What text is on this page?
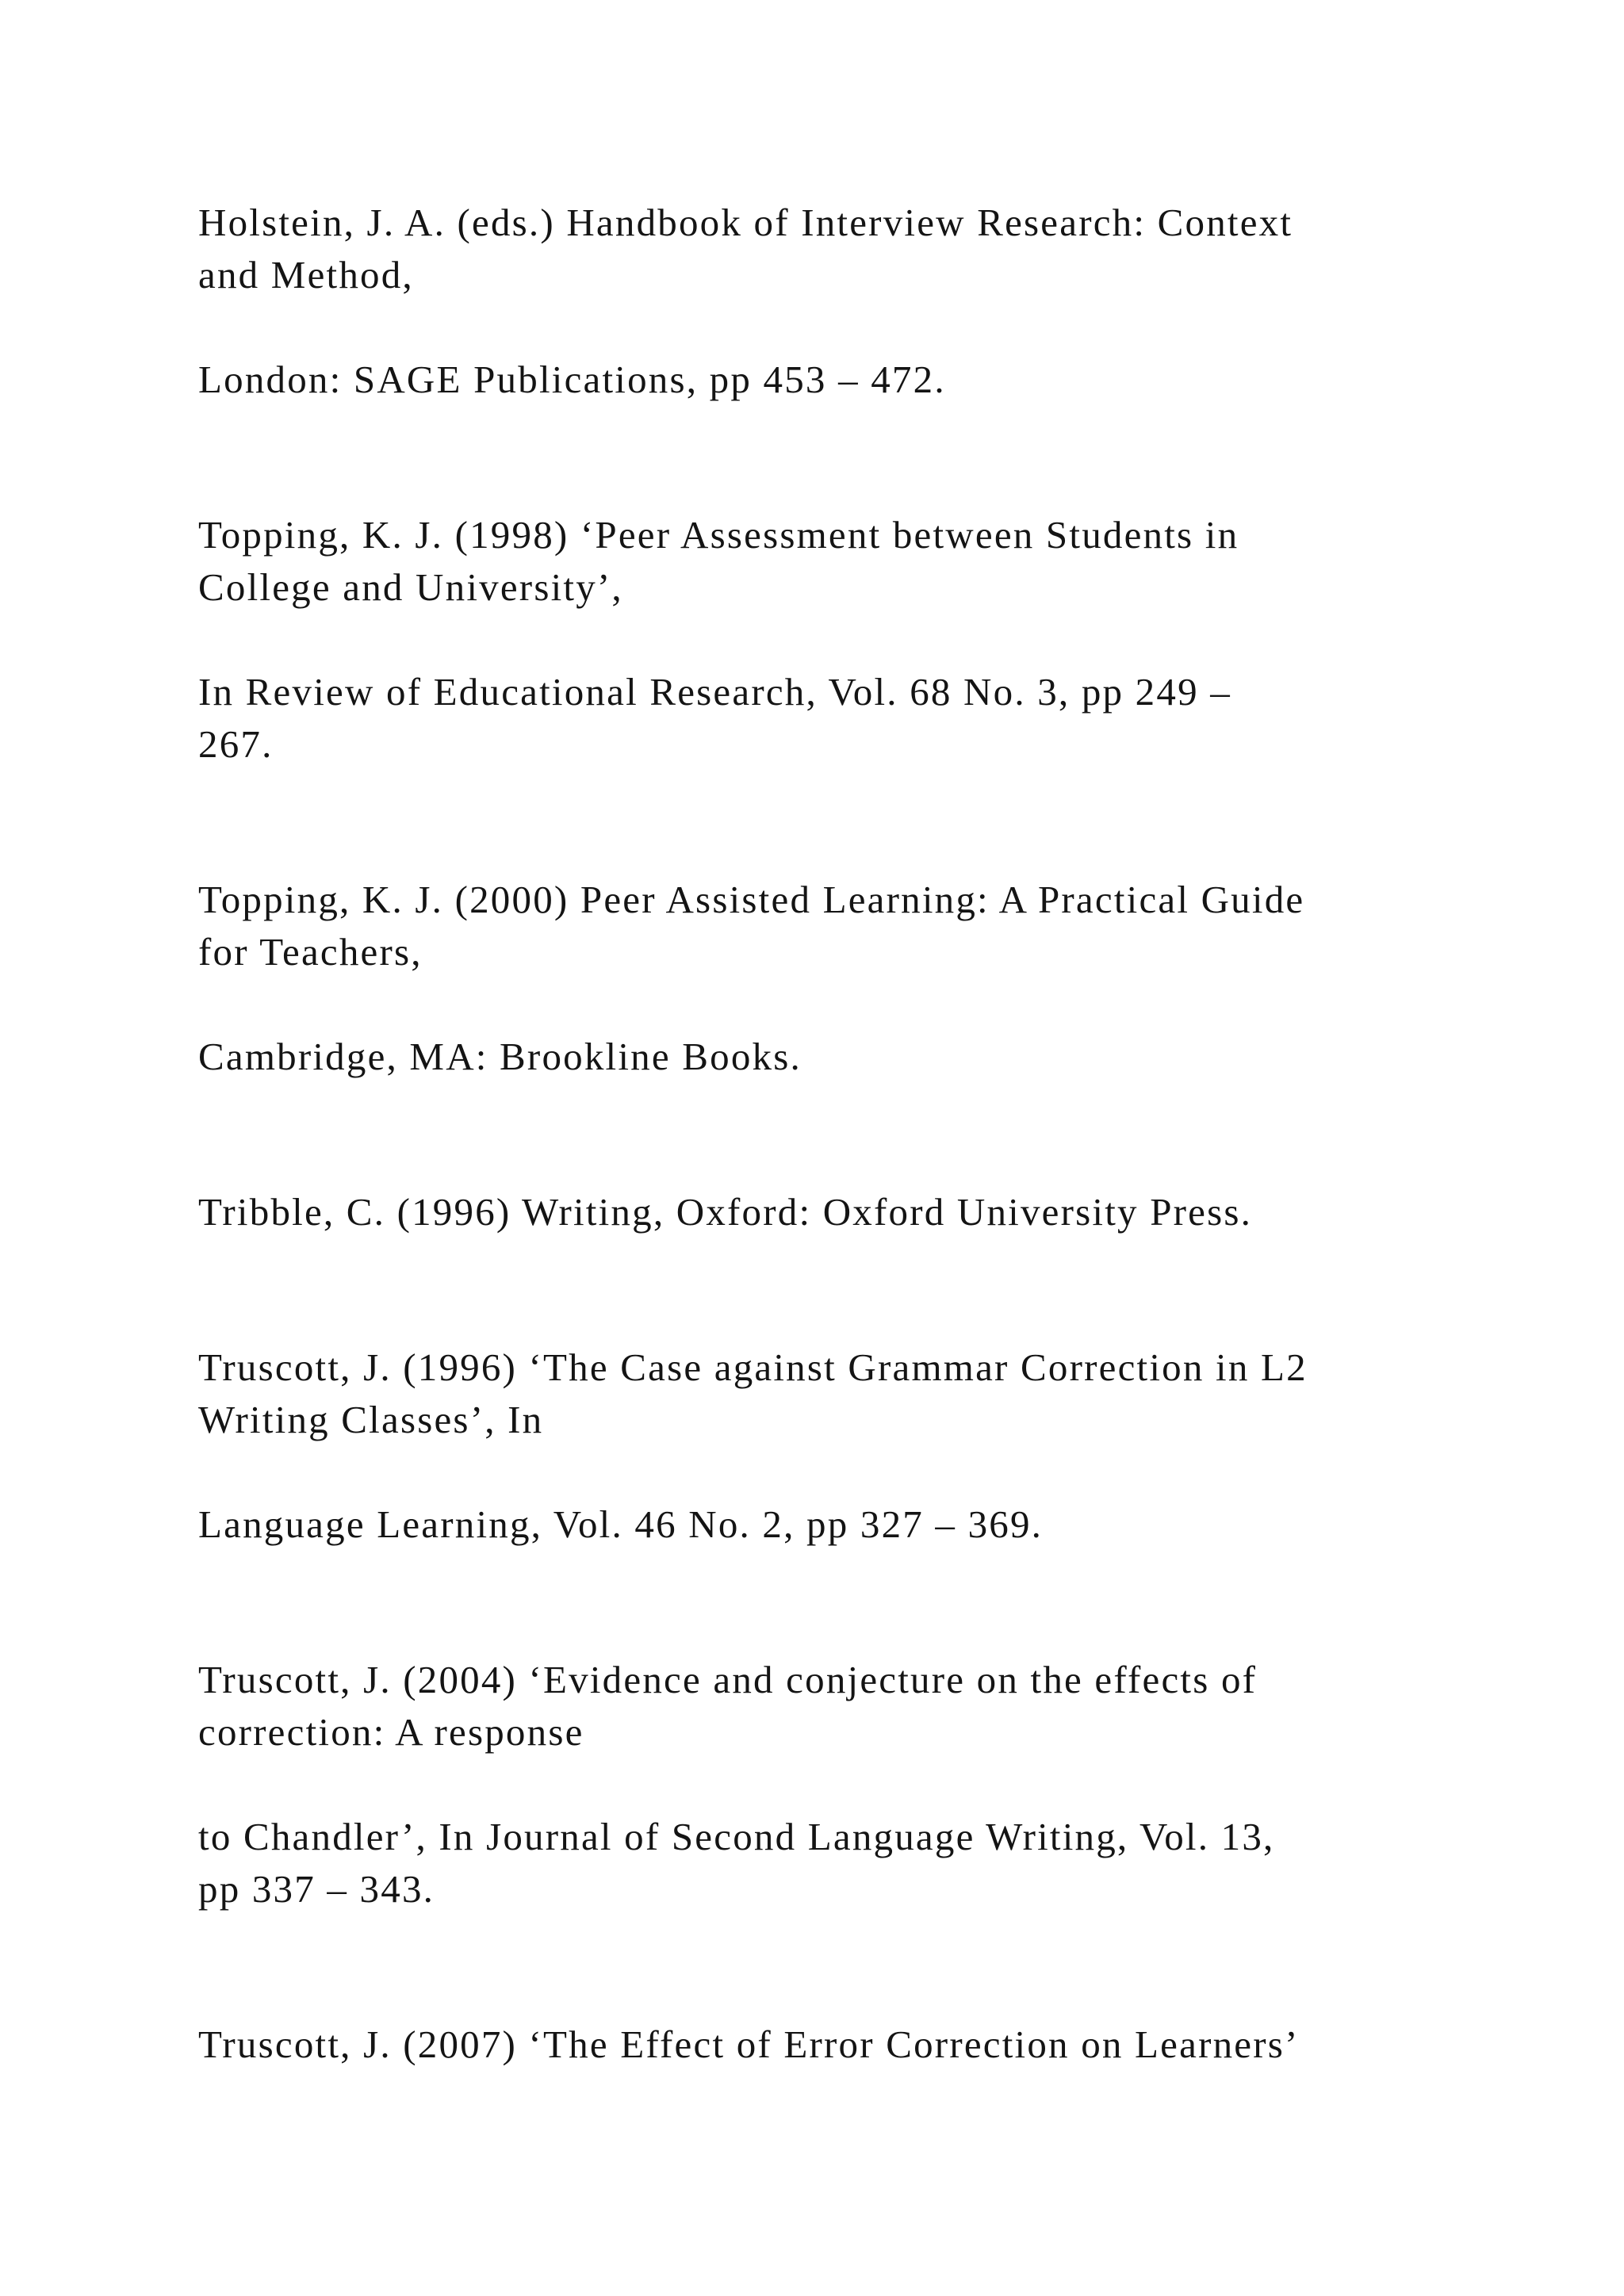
Holstein, J. A. (eds.) Handbook of Interview Research: Context
and Method,
London: SAGE Publications, pp 453 – 472.
Topping, K. J. (1998) ‘Peer Assessment between Students in
College and University’,
In Review of Educational Research, Vol. 68 No. 3, pp 249 –
267.
Topping, K. J. (2000) Peer Assisted Learning: A Practical Guide
for Teachers,
Cambridge, MA: Brookline Books.
Tribble, C. (1996) Writing, Oxford: Oxford University Press.
Truscott, J. (1996) ‘The Case against Grammar Correction in L2
Writing Classes’, In
Language Learning, Vol. 46 No. 2, pp 327 – 369.
Truscott, J. (2004) ‘Evidence and conjecture on the effects of
correction: A response
to Chandler’, In Journal of Second Language Writing, Vol. 13,
pp 337 – 343.
Truscott, J. (2007) ‘The Effect of Error Correction on Learners’
